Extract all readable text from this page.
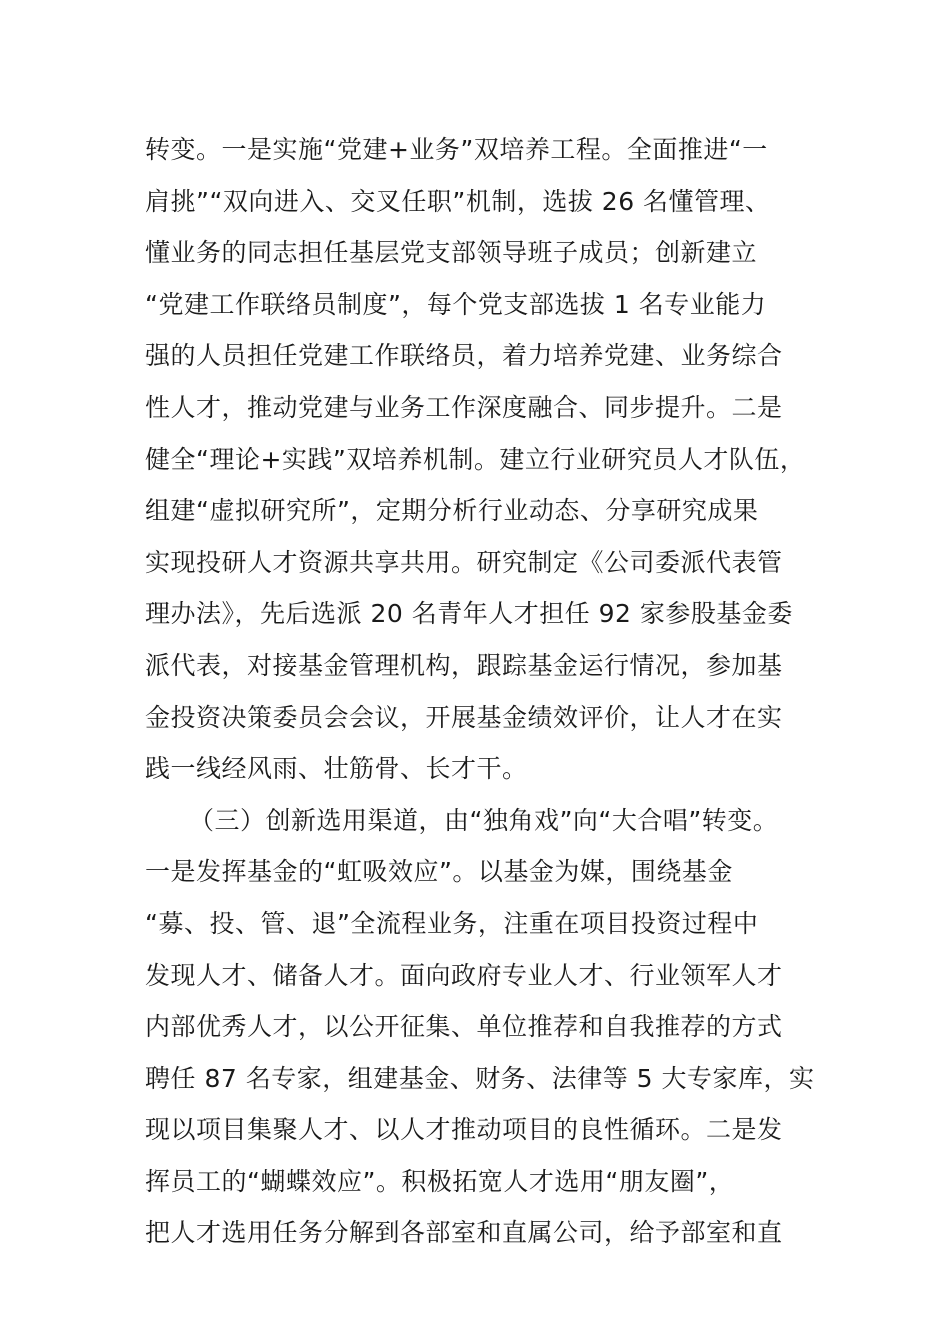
转变。一是实施“党建+业务”双培养工程。全面推进“一
肩挑”“双向进入、交叉任职”机制，选拔 26 名懂管理、
懂业务的同志担任基层党支部领导班子成员；创新建立
“党建工作联络员制度”，每个党支部选拔 1 名专业能力
强的人员担任党建工作联络员，着力培养党建、业务综合
性人才，推动党建与业务工作深度融合、同步提升。二是
健全“理论+实践”双培养机制。建立行业研究员人才队伍，
组建“虚拟研究所”，定期分析行业动态、分享研究成果
实现投研人才资源共享共用。研究制定《公司委派代表管
理办法》，先后选派 20 名青年人才担任 92 家参股基金委
派代表，对接基金管理机构，跟踪基金运行情况，参加基
金投资决策委员会会议，开展基金绩效评价，让人才在实
践一线经风雨、壮筋骨、长才干。
（三）创新选用渠道，由“独角戏”向“大合唱”转变。
一是发挥基金的“虹吸效应”。以基金为媒，围绕基金
“募、投、管、退”全流程业务，注重在项目投资过程中
发现人才、储备人才。面向政府专业人才、行业领军人才
内部优秀人才，以公开征集、单位推荐和自我推荐的方式
聘任 87 名专家，组建基金、财务、法律等 5 大专家库，实
现以项目集聚人才、以人才推动项目的良性循环。二是发
挥员工的“蝴蝶效应”。积极拓宽人才选用“朋友圈”，
把人才选用任务分解到各部室和直属公司，给予部室和直
